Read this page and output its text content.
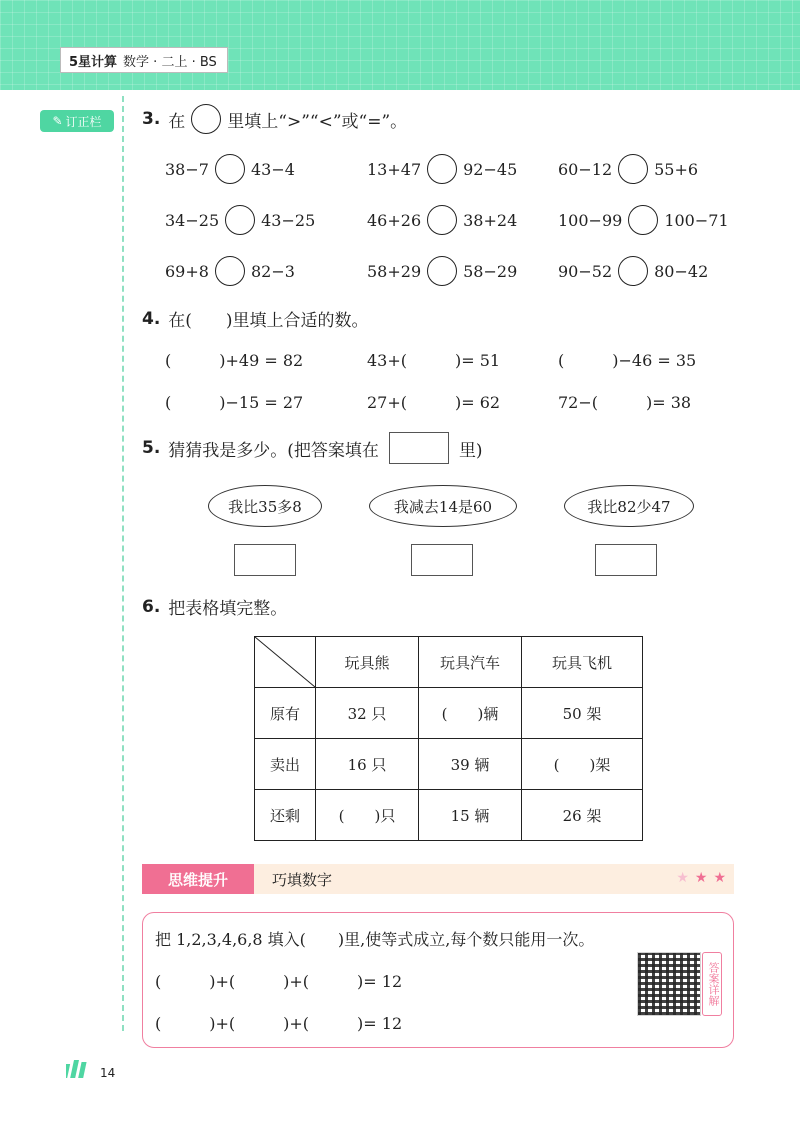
5星计算 数学 · 二上 · BS
✎ 订正栏 3. 在 里填上“>”“<”或“=”。
38−7	43−4	13+47	92−45	60−12	55+6
34−25	43−25	46+26	38+24	100−99	100−71
69+8	82−3	58+29	58−29	90−52	80−42
4. 在(　　)里填上合适的数。
(　　　)+49 = 82	43+(　　　)= 51	(　　　)−46 = 35
(　　　)−15 = 27	27+(　　　)= 62	72−(　　　)= 38
5. 猜猜我是多少。(把答案填在	里)
我比35多8	我减去14是60	我比82少47
6. 把表格填完整。
	玩具熊	玩具汽车	玩具飞机
原有	32 只	(　　)辆	50 架
卖出	16 只	39 辆	(　　)架
还剩	(　　)只	15 辆	26 架
思维提升	巧填数字	★ ★ ★
把 1,2,3,4,6,8 填入(　　)里,使等式成立,每个数只能用一次。
(　　　)+(　　　)+(　　　)= 12
(　　　)+(　　　)+(　　　)= 12
答案详解
14
